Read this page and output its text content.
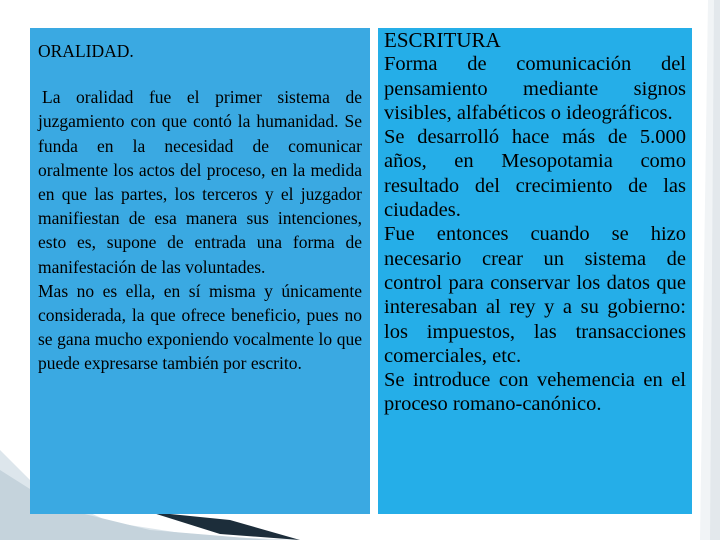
ORALIDAD.

La oralidad fue el primer sistema de juzgamiento con que contó la humanidad. Se funda en la necesidad de comunicar oralmente los actos del proceso, en la medida en que las partes, los terceros y el juzgador manifiestan de esa manera sus intenciones, esto es, supone de entrada una forma de manifestación de las voluntades.

Mas no es ella, en sí misma y únicamente considerada, la que ofrece beneficio, pues no se gana mucho exponiendo vocalmente lo que puede expresarse también por escrito.

ESCRITURA

Forma de comunicación del pensamiento mediante signos visibles, alfabéticos o ideográficos.

Se desarrolló hace más de 5.000 años, en Mesopotamia como resultado del crecimiento de las ciudades.

Fue entonces cuando se hizo necesario crear un sistema de control para conservar los datos que interesaban al rey y a su gobierno: los impuestos, las transacciones comerciales, etc.

Se introduce con vehemencia en el proceso romano-canónico.
